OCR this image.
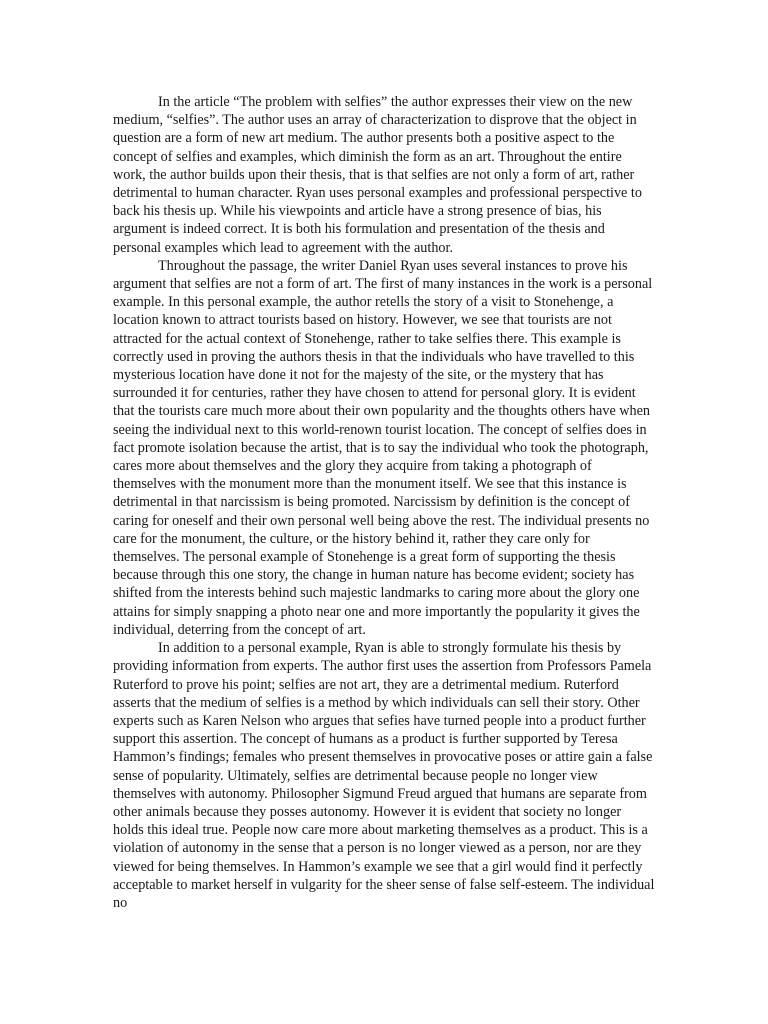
In the article “The problem with selfies” the author expresses their view on the new medium, “selfies”. The author uses an array of characterization to disprove that the object in question are a form of new art medium. The author presents both a positive aspect to the concept of selfies and examples, which diminish the form as an art. Throughout the entire work, the author builds upon their thesis, that is that selfies are not only a form of art, rather detrimental to human character. Ryan uses personal examples and professional perspective to back his thesis up. While his viewpoints and article have a strong presence of bias, his argument is indeed correct. It is both his formulation and presentation of the thesis and personal examples which lead to agreement with the author.

Throughout the passage, the writer Daniel Ryan uses several instances to prove his argument that selfies are not a form of art. The first of many instances in the work is a personal example. In this personal example, the author retells the story of a visit to Stonehenge, a location known to attract tourists based on history. However, we see that tourists are not attracted for the actual context of Stonehenge, rather to take selfies there. This example is correctly used in proving the authors thesis in that the individuals who have travelled to this mysterious location have done it not for the majesty of the site, or the mystery that has surrounded it for centuries, rather they have chosen to attend for personal glory. It is evident that the tourists care much more about their own popularity and the thoughts others have when seeing the individual next to this world-renown tourist location. The concept of selfies does in fact promote isolation because the artist, that is to say the individual who took the photograph, cares more about themselves and the glory they acquire from taking a photograph of themselves with the monument more than the monument itself. We see that this instance is detrimental in that narcissism is being promoted. Narcissism by definition is the concept of caring for oneself and their own personal well being above the rest. The individual presents no care for the monument, the culture, or the history behind it, rather they care only for themselves. The personal example of Stonehenge is a great form of supporting the thesis because through this one story, the change in human nature has become evident; society has shifted from the interests behind such majestic landmarks to caring more about the glory one attains for simply snapping a photo near one and more importantly the popularity it gives the individual, deterring from the concept of art.

In addition to a personal example, Ryan is able to strongly formulate his thesis by providing information from experts. The author first uses the assertion from Professors Pamela Ruterford to prove his point; selfies are not art, they are a detrimental medium. Ruterford asserts that the medium of selfies is a method by which individuals can sell their story. Other experts such as Karen Nelson who argues that sefies have turned people into a product further support this assertion. The concept of humans as a product is further supported by Teresa Hammon’s findings; females who present themselves in provocative poses or attire gain a false sense of popularity. Ultimately, selfies are detrimental because people no longer view themselves with autonomy. Philosopher Sigmund Freud argued that humans are separate from other animals because they posses autonomy. However it is evident that society no longer holds this ideal true. People now care more about marketing themselves as a product. This is a violation of autonomy in the sense that a person is no longer viewed as a person, nor are they viewed for being themselves. In Hammon’s example we see that a girl would find it perfectly acceptable to market herself in vulgarity for the sheer sense of false self-esteem. The individual no
